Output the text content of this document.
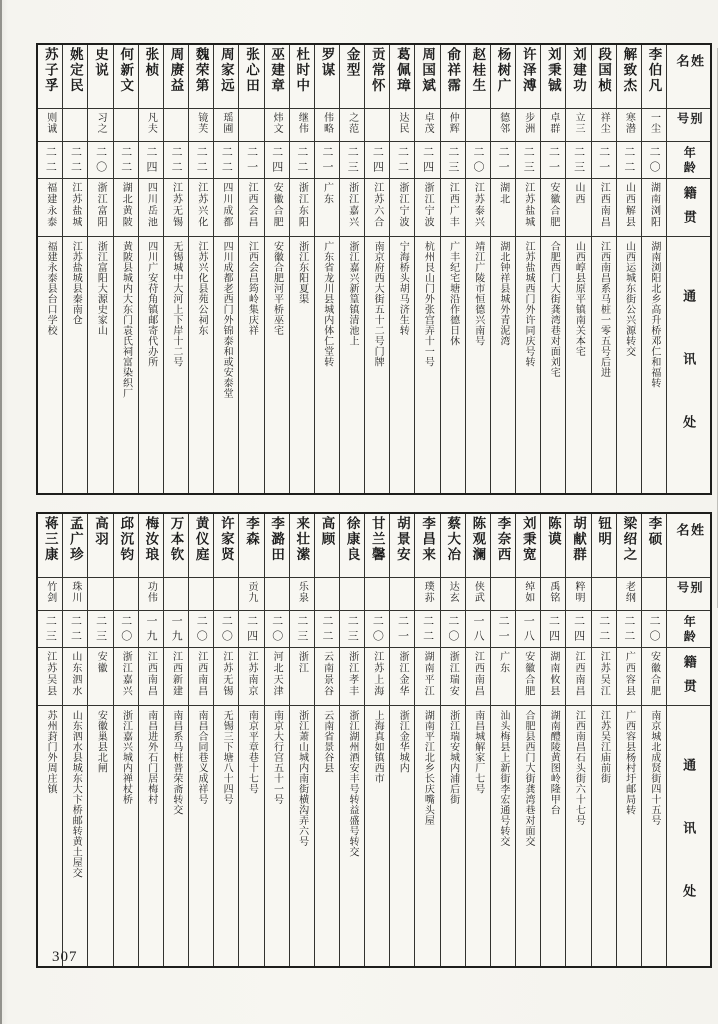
姓名
别号
年龄
籍贯
通讯处
李伯凡
一尘
二〇
湖南浏阳
湖南浏阳北乡高升桥邓仁和福转
解致杰
寒潜
二二
山西解县
山西运城东街公兴源转交
段国桢
祥尘
二一
江西南昌
江西南昌系马桩一零五号后进
刘建功
立三
二三
山西
山西崞县原平镇南关本宅
刘秉铖
卓群
二一
安徽合肥
合肥西门大街龚湾巷对面刘宅
许泽溥
步洲
二三
江苏盐城
江苏盐城西门外许同庆号转
杨树广
德邻
二一
湖北
湖北钟祥县城外青泥湾
赵桂生
二〇
江苏泰兴
靖江广陵市恒德兴南号
俞祥霈
仲辉
二三
江西广丰
广丰纪宅塘沿作德日休
周国斌
卓茂
二四
浙江宁波
杭州艮山门外张宫弄十一号
葛佩璋
达民
二二
浙江宁波
宁海桥头胡马济生转
贡常怀
二四
江苏六合
南京府西大街五十二号门牌
金型
之范
二三
浙江嘉兴
浙江嘉兴新篁镇清池上
罗谋
伟略
二一
广东
广东省龙川县城内体仁堂转
杜时中
继伟
二二
浙江东阳
浙江东阳夏渠
巫建章
炜文
二四
安徽合肥
安徽合肥河平桥巫宅
张心田
二一
江西会昌
江西会昌筠岭集庆祥
周家远
瑶圃
二二
四川成都
四川成都老西门外锦泰和或安泰堂
魏荣第
镜芙
二二
江苏兴化
江苏兴化县苑公祠东
周赓益
二二
江苏无锡
无锡城中大河上下岸十二号
张桢
凡夫
二四
四川岳池
四川广安苻角镇邮寄代办所
何新文
二二
湖北黄陂
黄陂县城内大东门袁氏祠富染织厂
史说
习之
二〇
浙江富阳
浙江富阳大源史家山
姚定民
二二
江苏盐城
江苏盐城县秦南仓
苏子孚
则诚
二二
福建永泰
福建永泰县台口学校
姓名
别号
年龄
籍贯
通讯处
李硕
二〇
安徽合肥
南京城北成贤街四十五号
梁绍之
老纲
二二
广西容县
广西容县杨村圩邮局转
钮明
二二
江苏吴江
江苏吴江庙前街
胡献群
粹明
二四
江西南昌
江西南昌石头街六十七号
陈谟
禹铭
二四
湖南攸县
湖南醴陵黄图岭隆甲台
刘秉宽
绰如
一八
安徽合肥
合肥县西门大街龚湾巷对面交
李奈西
二一
广东
汕头梅县上新街李宏通号转交
陈观澜
侠武
一八
江西南昌
南昌城解家厂七号
蔡大冶
达玄
二〇
浙江瑞安
浙江瑞安城内浦后街
李昌来
璞荪
二二
湖南平江
湖南平江北乡长庆嘴头屋
胡景安
二一
浙江金华
浙江金华城内
甘兰馨
二〇
江苏上海
上海真如镇西市
徐康良
二三
浙江孝丰
浙江湖州酒安丰号转益盛号转交
高顾
二二
云南景谷
云南省景谷县
来壮潆
乐泉
二三
浙江
浙江萧山城内南街横沟弄六号
李潞田
二〇
河北天津
南京大行宫五十一号
李森
贡九
二四
江苏南京
南京平章巷十七号
许家贤
二〇
江苏无锡
无锡三下塘八十四号
黄仪庭
二〇
江西南昌
南昌合同巷义成祥号
万本钦
一九
江西新建
南昌系马桩普荣斋转交
梅汝琅
功伟
一九
江西南昌
南昌进外石门居梅村
邱沉钧
二〇
浙江嘉兴
浙江嘉兴城内禅杖桥
高羽
二三
安徽
安徽巢县北闸
孟广珍
珠川
二二
山东泗水
山东泗水县城东大卞桥邮转黄土屋交
蒋三康
竹剑
二三
江苏吴县
苏州葑门外周庄镇
307
